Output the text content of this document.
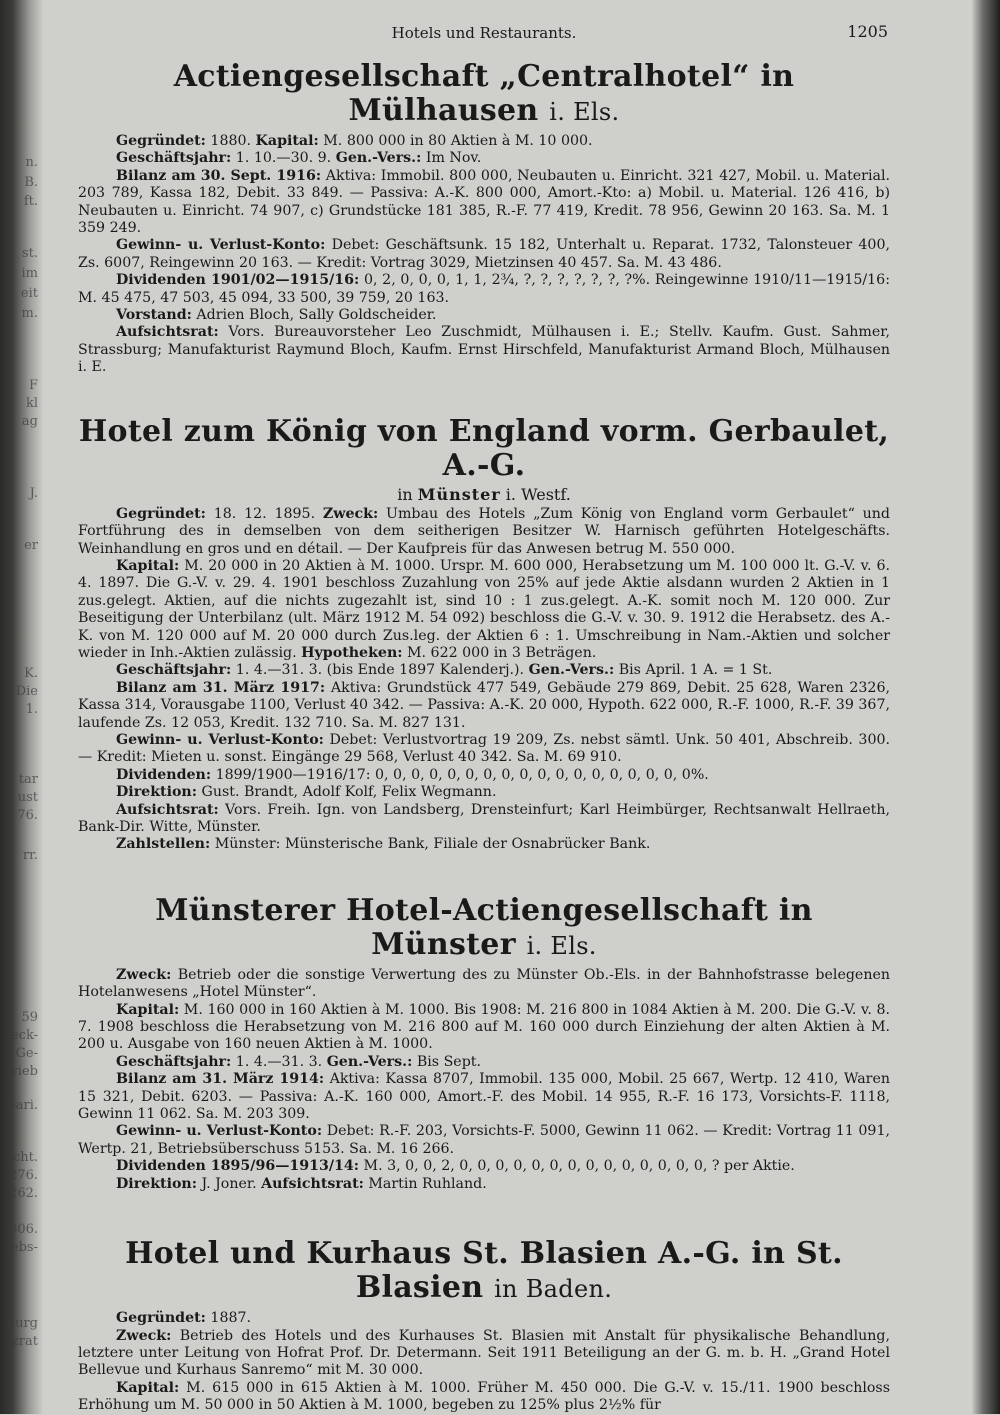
n.
B.
ft.
st.
im
eit
m.
F
kl
ag
J.
er
K.
Die
1.
tar
ust
76.
rr.
59
eck-
Ge-
rieb
bari.
cht.
276.
262.
806.
ebs-
burg
zrat
Hotels und Restaurants.	1205
Actiengesellschaft „Centralhotel“ in Mülhausen i. Els.

Gegründet: 1880. Kapital: M. 800 000 in 80 Aktien à M. 10 000.

Geschäftsjahr: 1. 10.—30. 9. Gen.-Vers.: Im Nov.

Bilanz am 30. Sept. 1916: Aktiva: Immobil. 800 000, Neubauten u. Einricht. 321 427, Mobil. u. Material. 203 789, Kassa 182, Debit. 33 849. — Passiva: A.-K. 800 000, Amort.-Kto: a) Mobil. u. Material. 126 416, b) Neubauten u. Einricht. 74 907, c) Grundstücke 181 385, R.-F. 77 419, Kredit. 78 956, Gewinn 20 163. Sa. M. 1 359 249.

Gewinn- u. Verlust-Konto: Debet: Geschäftsunk. 15 182, Unterhalt u. Reparat. 1732, Talonsteuer 400, Zs. 6007, Reingewinn 20 163. — Kredit: Vortrag 3029, Mietzinsen 40 457. Sa. M. 43 486.

Dividenden 1901/02—1915/16: 0, 2, 0, 0, 0, 1, 1, 2¾, ?, ?, ?, ?, ?, ?, ?%. Reingewinne 1910/11—1915/16: M. 45 475, 47 503, 45 094, 33 500, 39 759, 20 163.

Vorstand: Adrien Bloch, Sally Goldscheider.

Aufsichtsrat: Vors. Bureauvorsteher Leo Zuschmidt, Mülhausen i. E.; Stellv. Kaufm. Gust. Sahmer, Strassburg; Manufakturist Raymund Bloch, Kaufm. Ernst Hirschfeld, Manufakturist Armand Bloch, Mülhausen i. E.

Hotel zum König von England vorm. Gerbaulet, A.-G.
in Münster i. Westf.

Gegründet: 18. 12. 1895. Zweck: Umbau des Hotels „Zum König von England vorm Gerbaulet“ und Fortführung des in demselben von dem seitherigen Besitzer W. Harnisch geführten Hotelgeschäfts. Weinhandlung en gros und en détail. — Der Kaufpreis für das Anwesen betrug M. 550 000.

Kapital: M. 20 000 in 20 Aktien à M. 1000. Urspr. M. 600 000, Herabsetzung um M. 100 000 lt. G.-V. v. 6. 4. 1897. Die G.-V. v. 29. 4. 1901 beschloss Zuzahlung von 25% auf jede Aktie alsdann wurden 2 Aktien in 1 zus.gelegt. Aktien, auf die nichts zugezahlt ist, sind 10 : 1 zus.gelegt. A.-K. somit noch M. 120 000. Zur Beseitigung der Unterbilanz (ult. März 1912 M. 54 092) beschloss die G.-V. v. 30. 9. 1912 die Herabsetz. des A.-K. von M. 120 000 auf M. 20 000 durch Zus.leg. der Aktien 6 : 1. Umschreibung in Nam.-Aktien und solcher wieder in Inh.-Aktien zulässig. Hypotheken: M. 622 000 in 3 Beträgen.

Geschäftsjahr: 1. 4.—31. 3. (bis Ende 1897 Kalenderj.). Gen.-Vers.: Bis April. 1 A. = 1 St.

Bilanz am 31. März 1917: Aktiva: Grundstück 477 549, Gebäude 279 869, Debit. 25 628, Waren 2326, Kassa 314, Vorausgabe 1100, Verlust 40 342. — Passiva: A.-K. 20 000, Hypoth. 622 000, R.-F. 1000, R.-F. 39 367, laufende Zs. 12 053, Kredit. 132 710. Sa. M. 827 131.

Gewinn- u. Verlust-Konto: Debet: Verlustvortrag 19 209, Zs. nebst sämtl. Unk. 50 401, Abschreib. 300. — Kredit: Mieten u. sonst. Eingänge 29 568, Verlust 40 342. Sa. M. 69 910.

Dividenden: 1899/1900—1916/17: 0, 0, 0, 0, 0, 0, 0, 0, 0, 0, 0, 0, 0, 0, 0, 0, 0, 0%.

Direktion: Gust. Brandt, Adolf Kolf, Felix Wegmann.

Aufsichtsrat: Vors. Freih. Ign. von Landsberg, Drensteinfurt; Karl Heimbürger, Rechtsanwalt Hellraeth, Bank-Dir. Witte, Münster.

Zahlstellen: Münster: Münsterische Bank, Filiale der Osnabrücker Bank.

Münsterer Hotel-Actiengesellschaft in Münster i. Els.

Zweck: Betrieb oder die sonstige Verwertung des zu Münster Ob.-Els. in der Bahnhofstrasse belegenen Hotelanwesens „Hotel Münster“.

Kapital: M. 160 000 in 160 Aktien à M. 1000. Bis 1908: M. 216 800 in 1084 Aktien à M. 200. Die G.-V. v. 8. 7. 1908 beschloss die Herabsetzung von M. 216 800 auf M. 160 000 durch Einziehung der alten Aktien à M. 200 u. Ausgabe von 160 neuen Aktien à M. 1000.

Geschäftsjahr: 1. 4.—31. 3. Gen.-Vers.: Bis Sept.

Bilanz am 31. März 1914: Aktiva: Kassa 8707, Immobil. 135 000, Mobil. 25 667, Wertp. 12 410, Waren 15 321, Debit. 6203. — Passiva: A.-K. 160 000, Amort.-F. des Mobil. 14 955, R.-F. 16 173, Vorsichts-F. 1118, Gewinn 11 062. Sa. M. 203 309.

Gewinn- u. Verlust-Konto: Debet: R.-F. 203, Vorsichts-F. 5000, Gewinn 11 062. — Kredit: Vortrag 11 091, Wertp. 21, Betriebsüberschuss 5153. Sa. M. 16 266.

Dividenden 1895/96—1913/14: M. 3, 0, 0, 2, 0, 0, 0, 0, 0, 0, 0, 0, 0, 0, 0, 0, 0, 0, ? per Aktie.

Direktion: J. Joner. Aufsichtsrat: Martin Ruhland.

Hotel und Kurhaus St. Blasien A.-G. in St. Blasien in Baden.

Gegründet: 1887.

Zweck: Betrieb des Hotels und des Kurhauses St. Blasien mit Anstalt für physikalische Behandlung, letztere unter Leitung von Hofrat Prof. Dr. Determann. Seit 1911 Beteiligung an der G. m. b. H. „Grand Hotel Bellevue und Kurhaus Sanremo“ mit M. 30 000.

Kapital: M. 615 000 in 615 Aktien à M. 1000. Früher M. 450 000. Die G.-V. v. 15./11. 1900 beschloss Erhöhung um M. 50 000 in 50 Aktien à M. 1000, begeben zu 125% plus 2½% für
